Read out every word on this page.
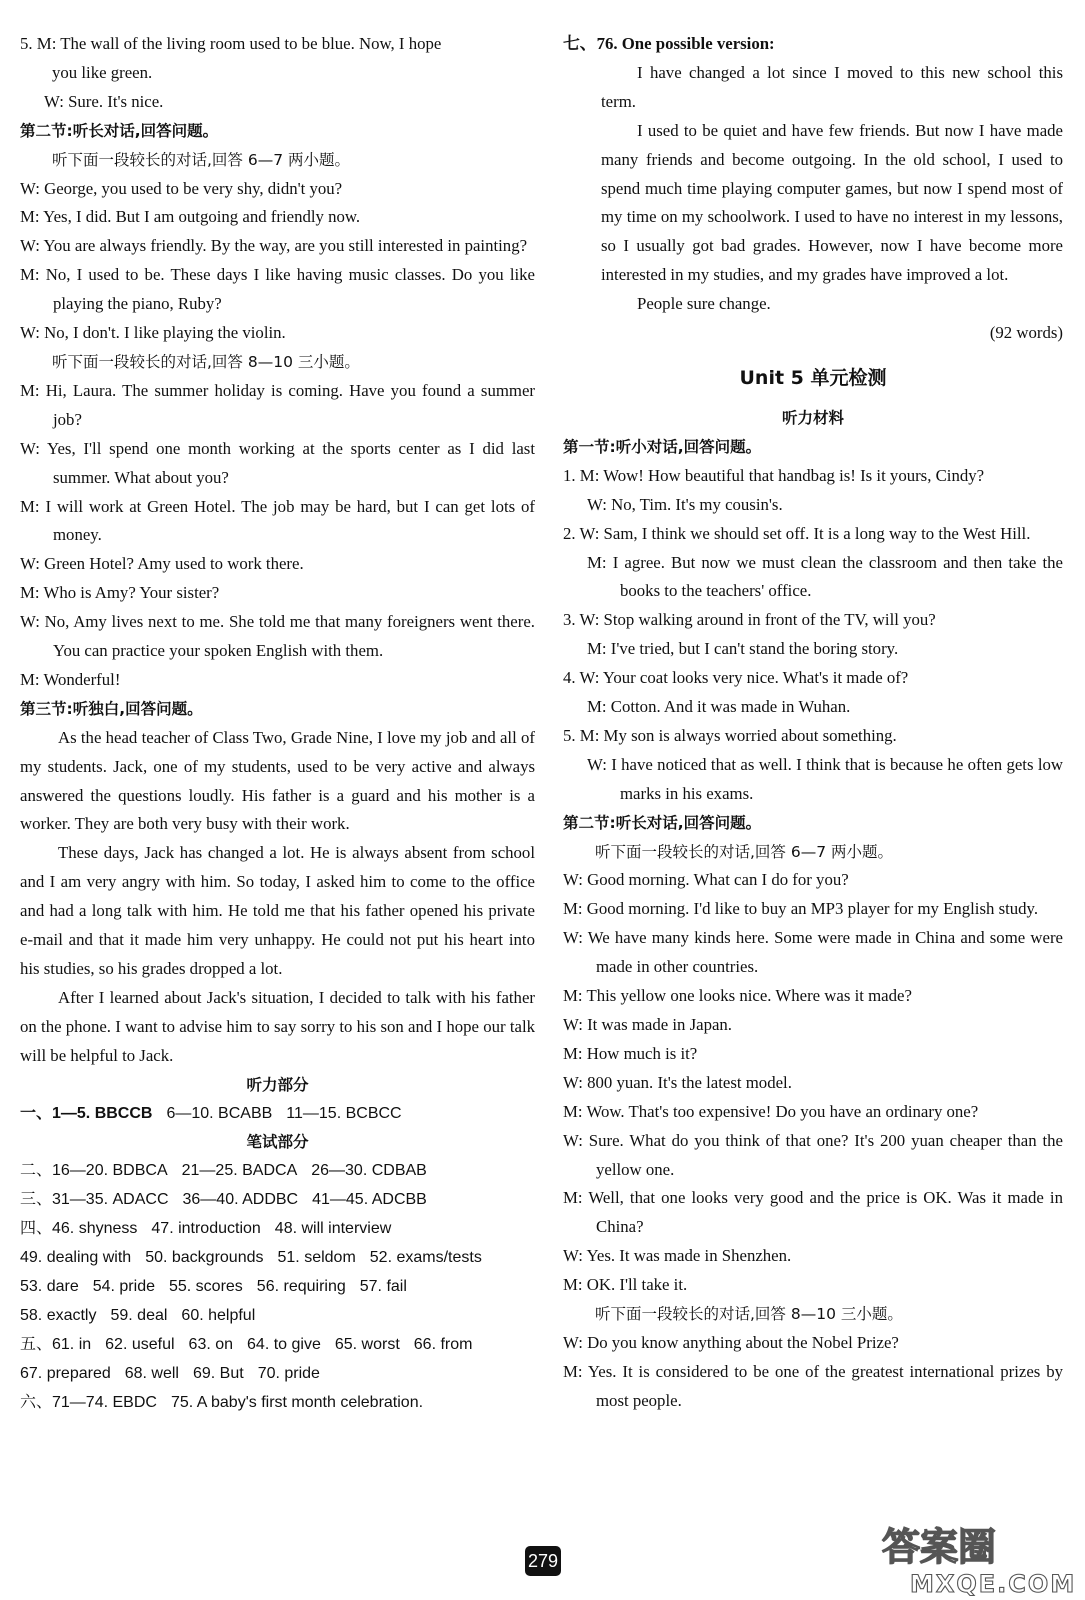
5. M: The wall of the living room used to be blue. Now, I hope
you like green.
W: Sure. It's nice.
第二节:听长对话,回答问题。
听下面一段较长的对话,回答 6—7 两小题。
W: George, you used to be very shy, didn't you?
M: Yes, I did. But I am outgoing and friendly now.
W: You are always friendly. By the way, are you still interested in painting?
M: No, I used to be. These days I like having music classes. Do you like playing the piano, Ruby?
W: No, I don't. I like playing the violin.
听下面一段较长的对话,回答 8—10 三小题。
M: Hi, Laura. The summer holiday is coming. Have you found a summer job?
W: Yes, I'll spend one month working at the sports center as I did last summer. What about you?
M: I will work at Green Hotel. The job may be hard, but I can get lots of money.
W: Green Hotel? Amy used to work there.
M: Who is Amy? Your sister?
W: No, Amy lives next to me. She told me that many foreigners went there. You can practice your spoken English with them.
M: Wonderful!
第三节:听独白,回答问题。
As the head teacher of Class Two, Grade Nine, I love my job and all of my students. Jack, one of my students, used to be very active and always answered the questions loudly. His father is a guard and his mother is a worker. They are both very busy with their work.
These days, Jack has changed a lot. He is always absent from school and I am very angry with him. So today, I asked him to come to the office and had a long talk with him. He told me that his father opened his private e-mail and that it made him very unhappy. He could not put his heart into his studies, so his grades dropped a lot.
After I learned about Jack's situation, I decided to talk with his father on the phone. I want to advise him to say sorry to his son and I hope our talk will be helpful to Jack.
听力部分
一、1—5. BBCCB 6—10. BCABB 11—15. BCBCC
笔试部分
二、16—20. BDBCA 21—25. BADCA 26—30. CDBAB
三、31—35. ADACC 36—40. ADDBC 41—45. ADCBB
四、46. shyness 47. introduction 48. will interview
49. dealing with 50. backgrounds 51. seldom 52. exams/tests
53. dare 54. pride 55. scores 56. requiring 57. fail
58. exactly 59. deal 60. helpful
五、61. in 62. useful 63. on 64. to give 65. worst 66. from
67. prepared 68. well 69. But 70. pride
六、71—74. EBDC 75. A baby's first month celebration.
七、76. One possible version:
I have changed a lot since I moved to this new school this term.
I used to be quiet and have few friends. But now I have made many friends and become outgoing. In the old school, I used to spend much time playing computer games, but now I spend most of my time on my schoolwork. I used to have no interest in my lessons, so I usually got bad grades. However, now I have become more interested in my studies, and my grades have improved a lot.
People sure change.
(92 words)
Unit 5 单元检测
听力材料
第一节:听小对话,回答问题。
1. M: Wow! How beautiful that handbag is! Is it yours, Cindy?
W: No, Tim. It's my cousin's.
2. W: Sam, I think we should set off. It is a long way to the West Hill.
M: I agree. But now we must clean the classroom and then take the books to the teachers' office.
3. W: Stop walking around in front of the TV, will you?
M: I've tried, but I can't stand the boring story.
4. W: Your coat looks very nice. What's it made of?
M: Cotton. And it was made in Wuhan.
5. M: My son is always worried about something.
W: I have noticed that as well. I think that is because he often gets low marks in his exams.
第二节:听长对话,回答问题。
听下面一段较长的对话,回答 6—7 两小题。
W: Good morning. What can I do for you?
M: Good morning. I'd like to buy an MP3 player for my English study.
W: We have many kinds here. Some were made in China and some were made in other countries.
M: This yellow one looks nice. Where was it made?
W: It was made in Japan.
M: How much is it?
W: 800 yuan. It's the latest model.
M: Wow. That's too expensive! Do you have an ordinary one?
W: Sure. What do you think of that one? It's 200 yuan cheaper than the yellow one.
M: Well, that one looks very good and the price is OK. Was it made in China?
W: Yes. It was made in Shenzhen.
M: OK. I'll take it.
听下面一段较长的对话,回答 8—10 三小题。
W: Do you know anything about the Nobel Prize?
M: Yes. It is considered to be one of the greatest international prizes by most people.
279	答案圈
MXQE.COM
